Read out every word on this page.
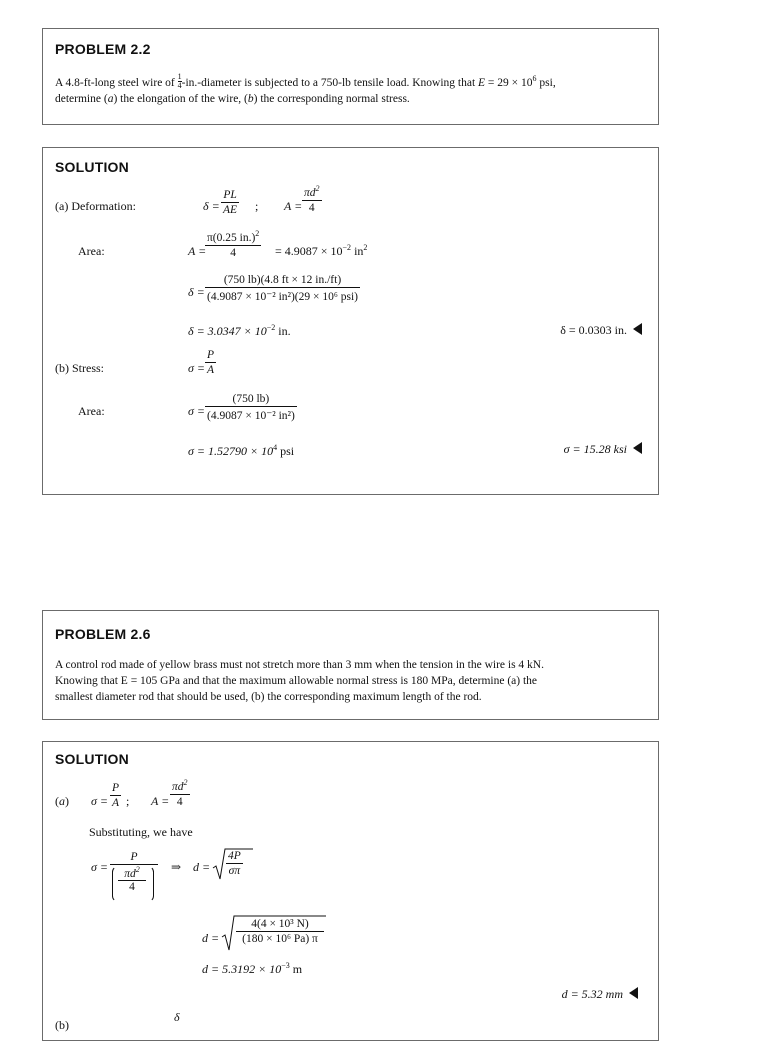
PROBLEM 2.2
A 4.8-ft-long steel wire of $\frac{1}{4}$ -in.-diameter is subjected to a 750-lb tensile load. Knowing that $E = 29 \times 10^6$ psi,
determine (a) the elongation of the wire, (b) the corresponding normal stress.
SOLUTION
(a) Deformation:	$\delta = \frac{PL}{AE}$ ; $A = \frac{\pi d^2}{4}$
Area:	A =
$\frac{\pi(0.25 in.)^2}{4} = 4.9087 \times 10^{-2}$ $in^2$
δ =
(750 lb)(4.8 ft × 12 in./ft)
(4.9087 × 10⁻² in²)(29 × 10⁶ psi)
$\delta = 3.0347 \times 10^{-2}$ in.	δ = 0.0303 in.
(b) Stress:	$\sigma = \frac{P}{A}$
Area:	$\sigma = \frac{(750 lb)}{\text{(4.9087 × 10⁻² in²)}}$
$\sigma = 1.52790 \times 10^4$ psi	σ = 15.28 ksi
PROBLEM 2.6
A control rod made of yellow brass must not stretch more than 3 mm when the tension in the wire is 4 kN.
Knowing that E = 105 GPa and that the maximum allowable normal stress is 180 MPa, determine (a) the
smallest diameter rod that should be used, (b) the corresponding maximum length of the rod.
SOLUTION
(a) $\sigma = \frac{P}{A}$ ; $A = \frac{\pi d^2}{4}$
Substituting, we have
σ = P
$\pi d^2$
4 ⇒ $d = \frac{4P}{\sigma\pi}$
$d = \frac{\text{4(4 × 10³ N)}}{\text{(180 × 10⁶ Pa) π}}$
$d = 5.3192 \times 10^{-3}$ m
d = 5.32 mm
(b)
δ
